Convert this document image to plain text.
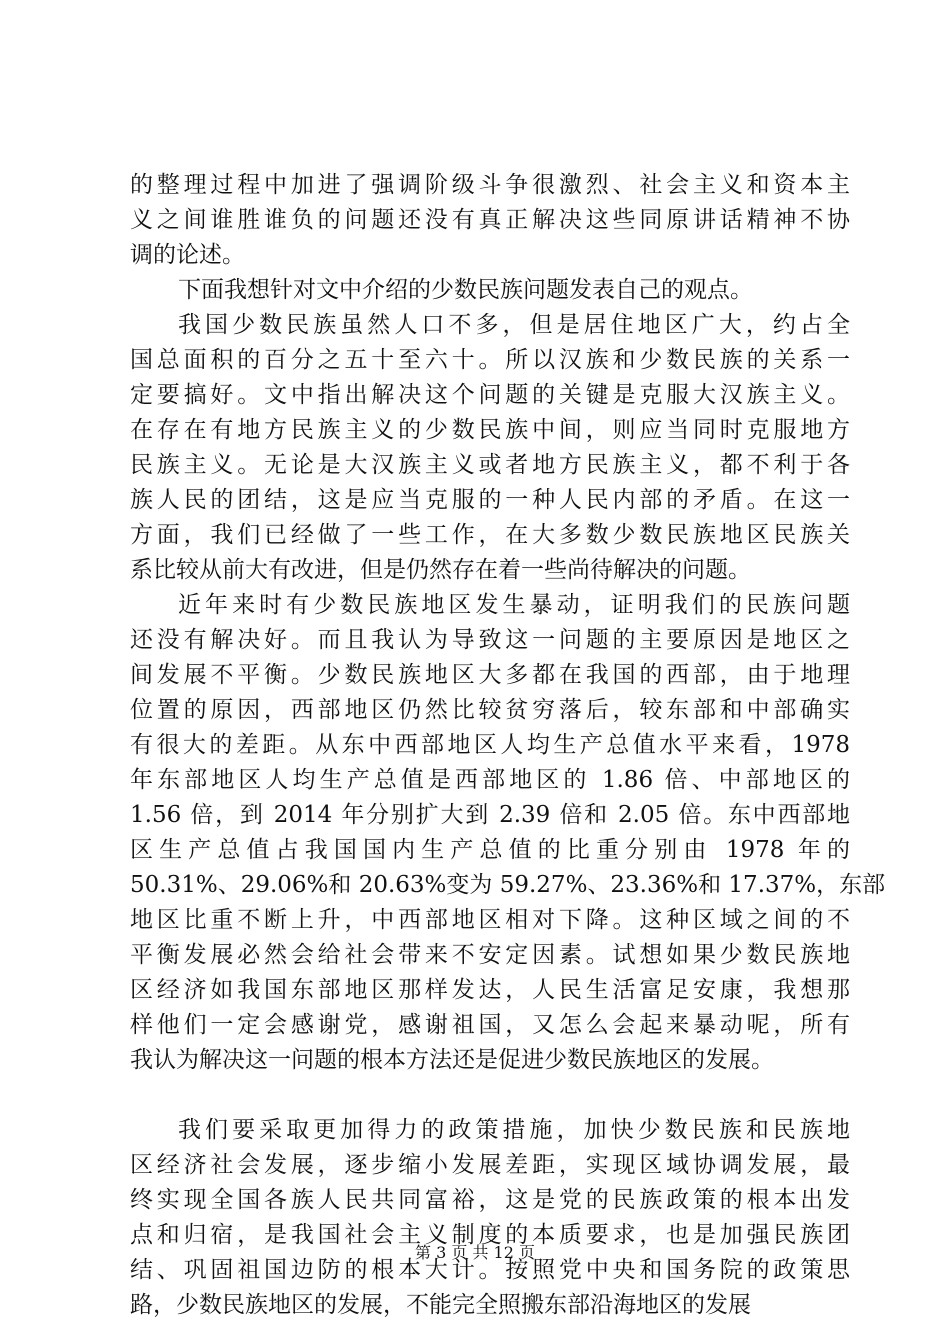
的整理过程中加进了强调阶级斗争很激烈、社会主义和资本主
义之间谁胜谁负的问题还没有真正解决这些同原讲话精神不协
调的论述。
下面我想针对文中介绍的少数民族问题发表自己的观点。
我国少数民族虽然人口不多，但是居住地区广大，约占全
国总面积的百分之五十至六十。所以汉族和少数民族的关系一
定要搞好。文中指出解决这个问题的关键是克服大汉族主义。
在存在有地方民族主义的少数民族中间，则应当同时克服地方
民族主义。无论是大汉族主义或者地方民族主义，都不利于各
族人民的团结，这是应当克服的一种人民内部的矛盾。在这一
方面，我们已经做了一些工作，在大多数少数民族地区民族关
系比较从前大有改进，但是仍然存在着一些尚待解决的问题。
近年来时有少数民族地区发生暴动，证明我们的民族问题
还没有解决好。而且我认为导致这一问题的主要原因是地区之
间发展不平衡。少数民族地区大多都在我国的西部，由于地理
位置的原因，西部地区仍然比较贫穷落后，较东部和中部确实
有很大的差距。从东中西部地区人均生产总值水平来看，1978
年东部地区人均生产总值是西部地区的 1.86 倍、中部地区的
1.56 倍，到 2014 年分别扩大到 2.39 倍和 2.05 倍。东中西部地
区生产总值占我国国内生产总值的比重分别由 1978 年的
50.31%、29.06%和 20.63%变为 59.27%、23.36%和 17.37%，东部
地区比重不断上升，中西部地区相对下降。这种区域之间的不
平衡发展必然会给社会带来不安定因素。试想如果少数民族地
区经济如我国东部地区那样发达，人民生活富足安康，我想那
样他们一定会感谢党，感谢祖国，又怎么会起来暴动呢，所有
我认为解决这一问题的根本方法还是促进少数民族地区的发展。
我们要采取更加得力的政策措施，加快少数民族和民族地
区经济社会发展，逐步缩小发展差距，实现区域协调发展，最
终实现全国各族人民共同富裕，这是党的民族政策的根本出发
点和归宿，是我国社会主义制度的本质要求，也是加强民族团
结、巩固祖国边防的根本大计。按照党中央和国务院的政策思
路，少数民族地区的发展，不能完全照搬东部沿海地区的发展
第 3 页 共 12 页
